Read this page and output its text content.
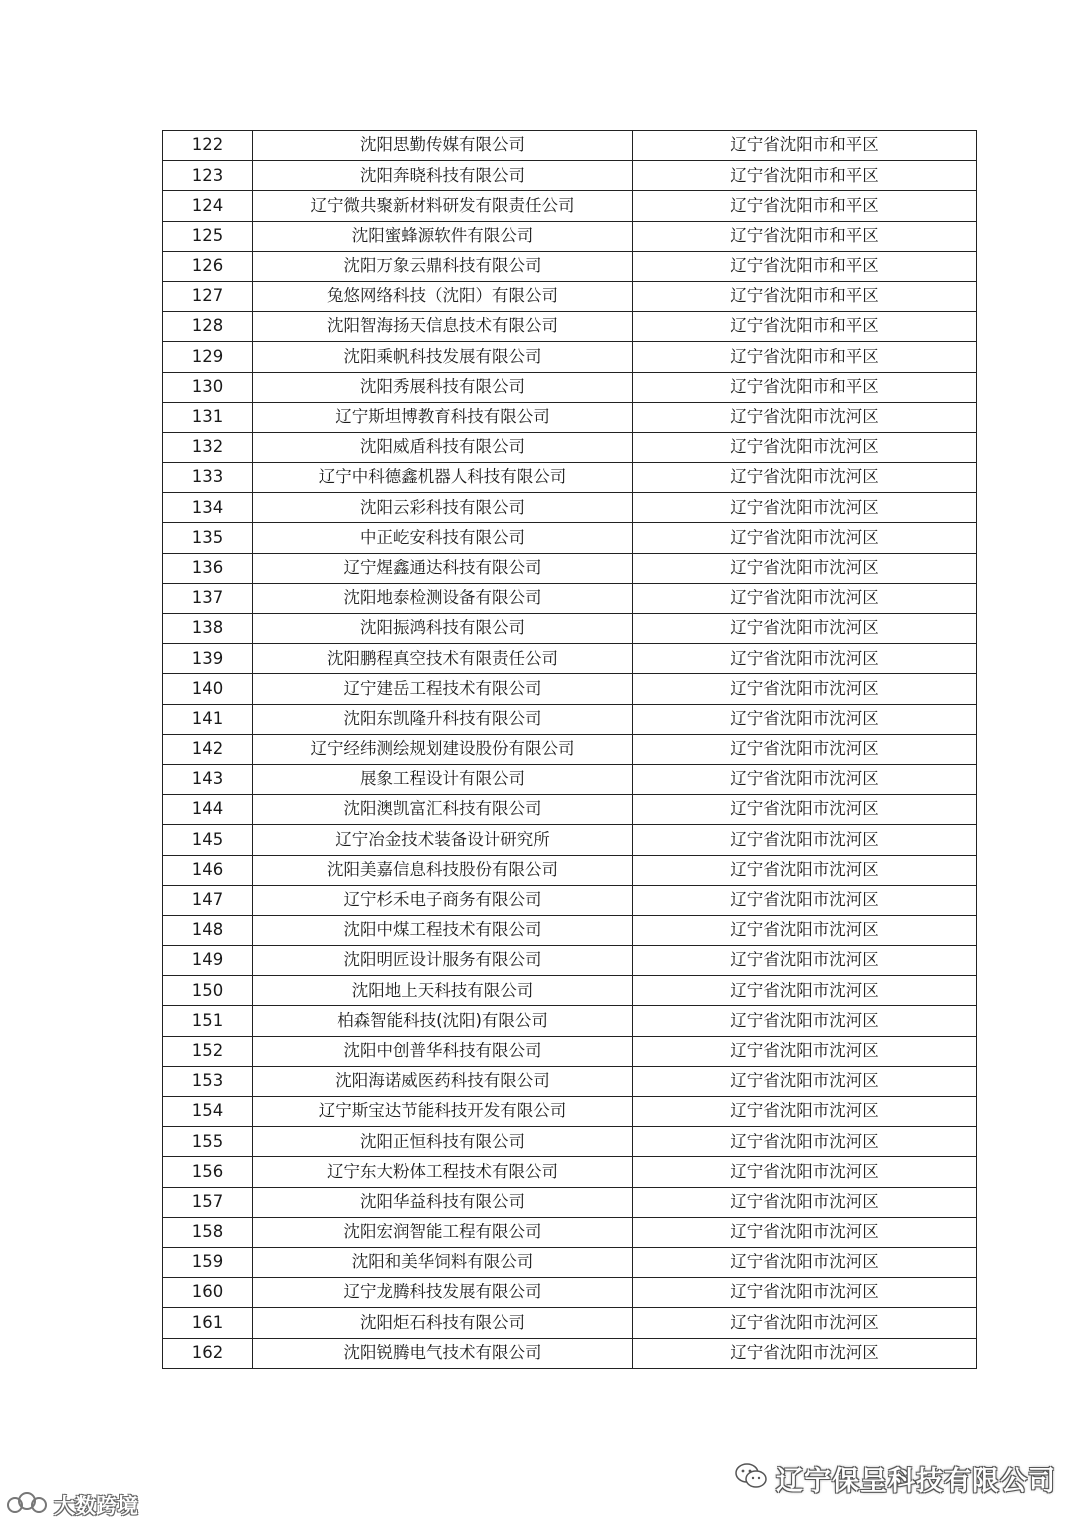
122	沈阳思勤传媒有限公司	辽宁省沈阳市和平区
123	沈阳奔晓科技有限公司	辽宁省沈阳市和平区
124	辽宁微共聚新材料研发有限责任公司	辽宁省沈阳市和平区
125	沈阳蜜蜂源软件有限公司	辽宁省沈阳市和平区
126	沈阳万象云鼎科技有限公司	辽宁省沈阳市和平区
127	兔悠网络科技（沈阳）有限公司	辽宁省沈阳市和平区
128	沈阳智海扬天信息技术有限公司	辽宁省沈阳市和平区
129	沈阳乘帆科技发展有限公司	辽宁省沈阳市和平区
130	沈阳秀展科技有限公司	辽宁省沈阳市和平区
131	辽宁斯坦博教育科技有限公司	辽宁省沈阳市沈河区
132	沈阳威盾科技有限公司	辽宁省沈阳市沈河区
133	辽宁中科德鑫机器人科技有限公司	辽宁省沈阳市沈河区
134	沈阳云彩科技有限公司	辽宁省沈阳市沈河区
135	中正屹安科技有限公司	辽宁省沈阳市沈河区
136	辽宁煋鑫通达科技有限公司	辽宁省沈阳市沈河区
137	沈阳地泰检测设备有限公司	辽宁省沈阳市沈河区
138	沈阳振鸿科技有限公司	辽宁省沈阳市沈河区
139	沈阳鹏程真空技术有限责任公司	辽宁省沈阳市沈河区
140	辽宁建岳工程技术有限公司	辽宁省沈阳市沈河区
141	沈阳东凯隆升科技有限公司	辽宁省沈阳市沈河区
142	辽宁经纬测绘规划建设股份有限公司	辽宁省沈阳市沈河区
143	展象工程设计有限公司	辽宁省沈阳市沈河区
144	沈阳澳凯富汇科技有限公司	辽宁省沈阳市沈河区
145	辽宁冶金技术装备设计研究所	辽宁省沈阳市沈河区
146	沈阳美嘉信息科技股份有限公司	辽宁省沈阳市沈河区
147	辽宁杉禾电子商务有限公司	辽宁省沈阳市沈河区
148	沈阳中煤工程技术有限公司	辽宁省沈阳市沈河区
149	沈阳明匠设计服务有限公司	辽宁省沈阳市沈河区
150	沈阳地上天科技有限公司	辽宁省沈阳市沈河区
151	柏森智能科技(沈阳)有限公司	辽宁省沈阳市沈河区
152	沈阳中创普华科技有限公司	辽宁省沈阳市沈河区
153	沈阳海诺威医药科技有限公司	辽宁省沈阳市沈河区
154	辽宁斯宝达节能科技开发有限公司	辽宁省沈阳市沈河区
155	沈阳正恒科技有限公司	辽宁省沈阳市沈河区
156	辽宁东大粉体工程技术有限公司	辽宁省沈阳市沈河区
157	沈阳华益科技有限公司	辽宁省沈阳市沈河区
158	沈阳宏润智能工程有限公司	辽宁省沈阳市沈河区
159	沈阳和美华饲料有限公司	辽宁省沈阳市沈河区
160	辽宁龙腾科技发展有限公司	辽宁省沈阳市沈河区
161	沈阳炬石科技有限公司	辽宁省沈阳市沈河区
162	沈阳锐腾电气技术有限公司	辽宁省沈阳市沈河区
辽宁保呈科技有限公司
大数跨境
